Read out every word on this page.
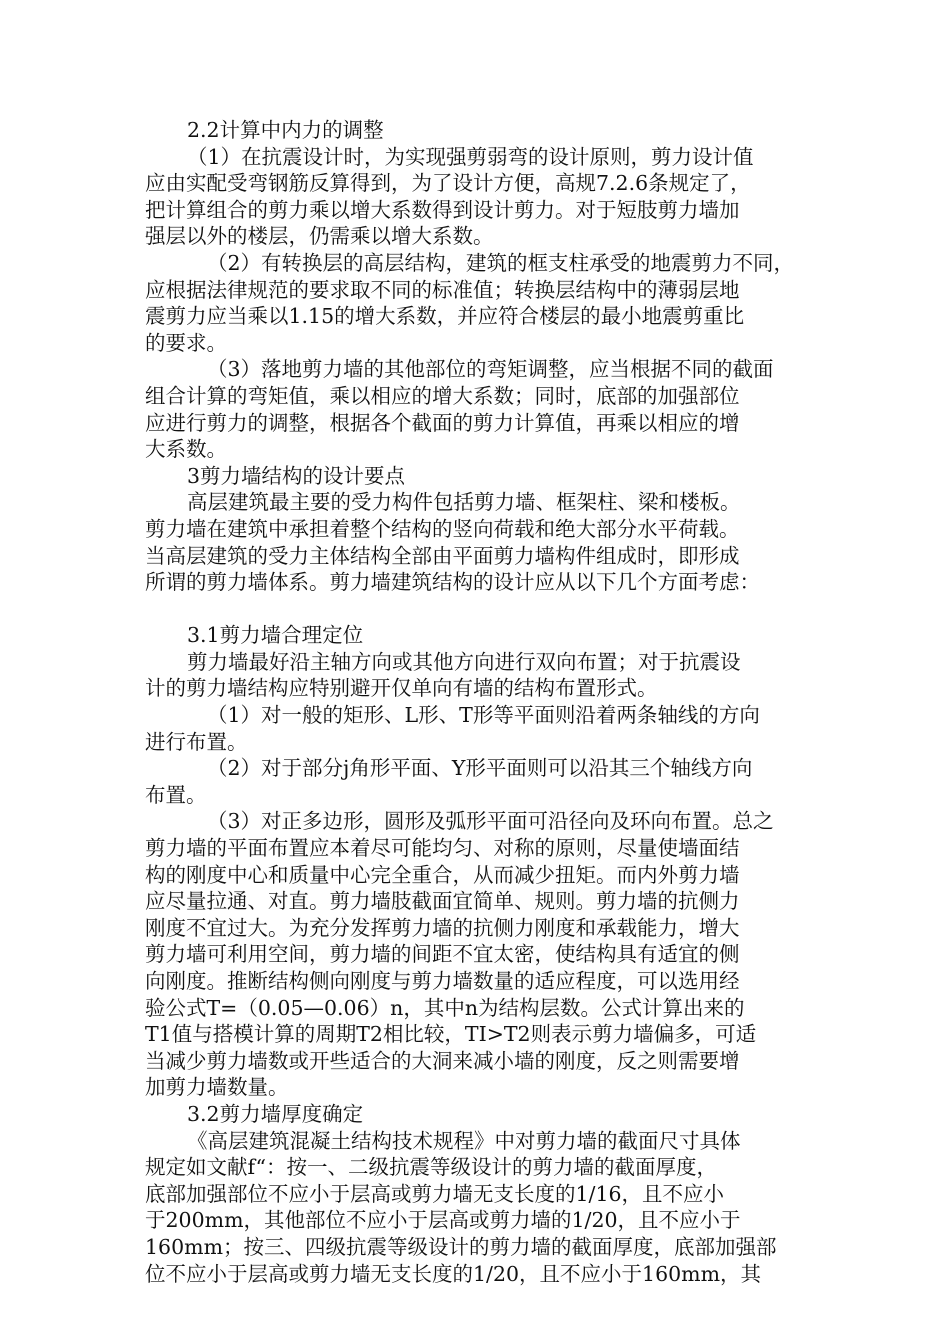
2.2计算中内力的调整
（1）在抗震设计时，为实现强剪弱弯的设计原则，剪力设计值
应由实配受弯钢筋反算得到，为了设计方便，高规7.2.6条规定了，
把计算组合的剪力乘以增大系数得到设计剪力。对于短肢剪力墙加
强层以外的楼层，仍需乘以增大系数。
（2）有转换层的高层结构，建筑的框支柱承受的地震剪力不同，
应根据法律规范的要求取不同的标准值；转换层结构中的薄弱层地
震剪力应当乘以1.15的增大系数，并应符合楼层的最小地震剪重比
的要求。
（3）落地剪力墙的其他部位的弯矩调整，应当根据不同的截面
组合计算的弯矩值，乘以相应的增大系数；同时，底部的加强部位
应进行剪力的调整，根据各个截面的剪力计算值，再乘以相应的增
大系数。
3剪力墙结构的设计要点
高层建筑最主要的受力构件包括剪力墙、框架柱、梁和楼板。
剪力墙在建筑中承担着整个结构的竖向荷载和绝大部分水平荷载。
当高层建筑的受力主体结构全部由平面剪力墙构件组成时，即形成
所谓的剪力墙体系。剪力墙建筑结构的设计应从以下几个方面考虑：
3.1剪力墙合理定位
剪力墙最好沿主轴方向或其他方向进行双向布置；对于抗震设
计的剪力墙结构应特别避开仅单向有墙的结构布置形式。
（1）对一般的矩形、L形、T形等平面则沿着两条轴线的方向
进行布置。
（2）对于部分j角形平面、Y形平面则可以沿其三个轴线方向
布置。
（3）对正多边形，圆形及弧形平面可沿径向及环向布置。总之
剪力墙的平面布置应本着尽可能均匀、对称的原则，尽量使墙面结
构的刚度中心和质量中心完全重合，从而减少扭矩。而内外剪力墙
应尽量拉通、对直。剪力墙肢截面宜简单、规则。剪力墙的抗侧力
刚度不宜过大。为充分发挥剪力墙的抗侧力刚度和承载能力，增大
剪力墙可利用空间，剪力墙的间距不宜太密，使结构具有适宜的侧
向刚度。推断结构侧向刚度与剪力墙数量的适应程度，可以选用经
验公式T=（0.05—0.06）n，其中n为结构层数。公式计算出来的
T1值与搭模计算的周期T2相比较，TI>T2则表示剪力墙偏多，可适
当减少剪力墙数或开些适合的大洞来减小墙的刚度，反之则需要增
加剪力墙数量。
3.2剪力墙厚度确定
《高层建筑混凝土结构技术规程》中对剪力墙的截面尺寸具体
规定如文献f“：按一、二级抗震等级设计的剪力墙的截面厚度，
底部加强部位不应小于层高或剪力墙无支长度的1/16，且不应小
于200mm，其他部位不应小于层高或剪力墙的1/20，且不应小于
160mm；按三、四级抗震等级设计的剪力墙的截面厚度，底部加强部
位不应小于层高或剪力墙无支长度的1/20，且不应小于160mm，其
